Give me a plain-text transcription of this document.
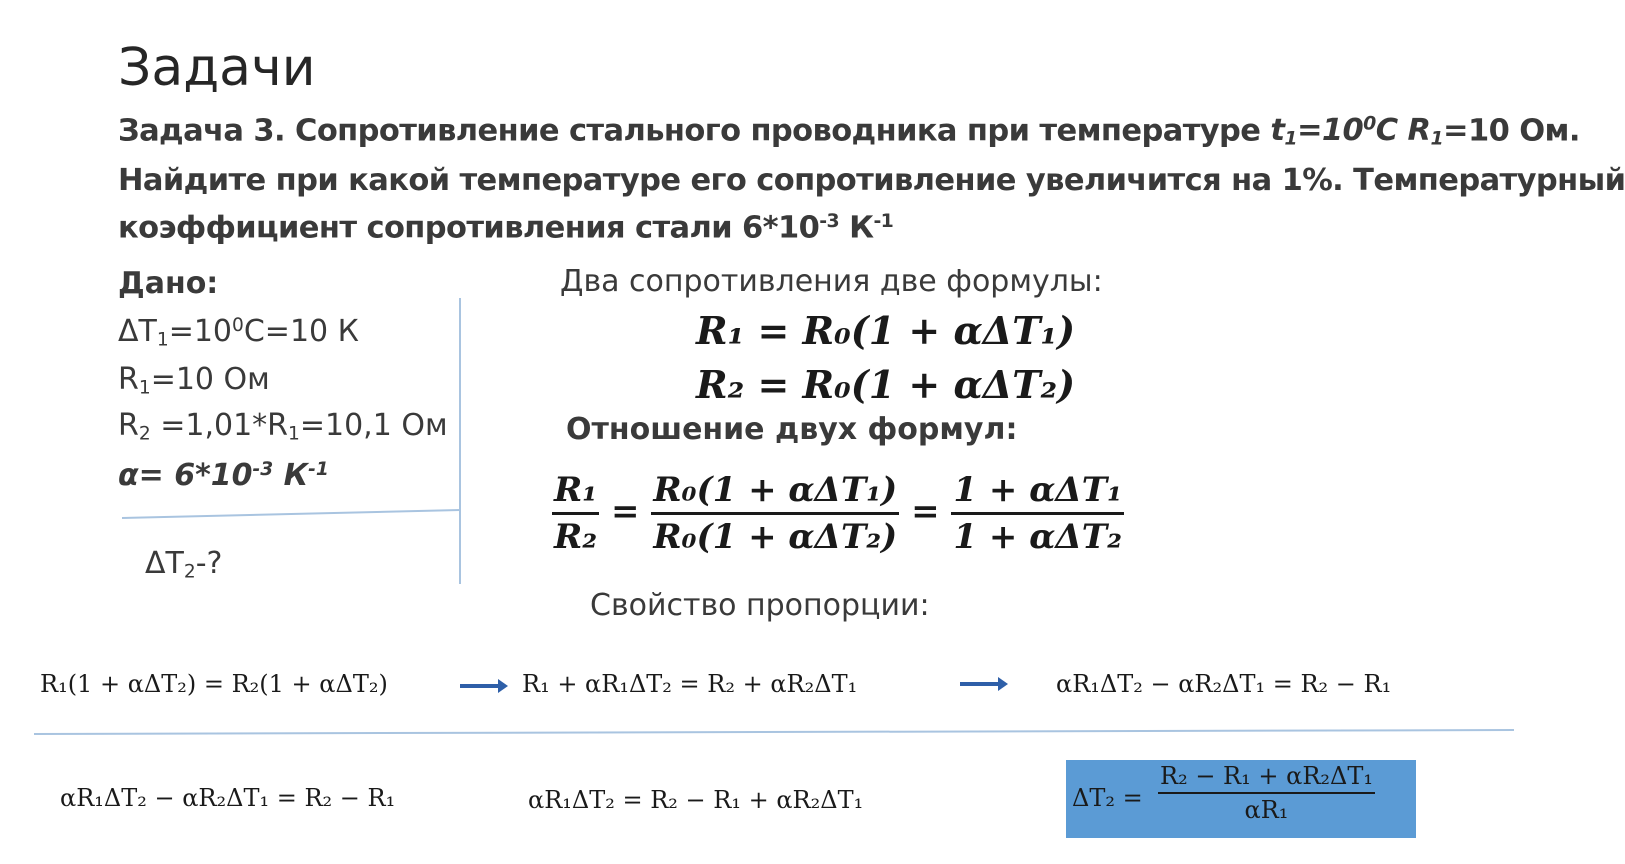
Задачи
Задача 3. Сопротивление стального проводника при температуре $t1=10^0C$ R1=10 Ом.
Найдите при какой температуре его сопротивление увеличится на 1%. Температурный
коэффициент сопротивления стали $6*10^{-3}$ $К^{-1}$
Дано:
$\Delta T1=10^0С=10$ К
R1=10 Ом
R2 =1,01*R1=10,1 Ом
$\alpha= 6*10^{-3}$ $К^{-1}$
ΔT2-?
Два сопротивления две формулы:
Отношение двух формул:
Свойство пропорции:
R₁ = R₀(1 + αΔT₁)
R₂ = R₀(1 + αΔT₂)
$\frac{\text{R₁}}{\text{R₂}} = \frac{\text{R₀(1 + αΔT₁)}}{\text{R₀(1 + αΔT₂)}} = \frac{\text{1 + αΔT₁}}{\text{1 + αΔT₂}}$
R₁(1 + αΔT₂) = R₂(1 + αΔT₂)	R₁ + αR₁ΔT₂ = R₂ + αR₂ΔT₁	αR₁ΔT₂ − αR₂ΔT₁ = R₂ − R₁
αR₁ΔT₂ − αR₂ΔT₁ = R₂ − R₁	αR₁ΔT₂ = R₂ − R₁ + αR₂ΔT₁	ΔT₂ =
R₂ − R₁ + αR₂ΔT₁
αR₁
